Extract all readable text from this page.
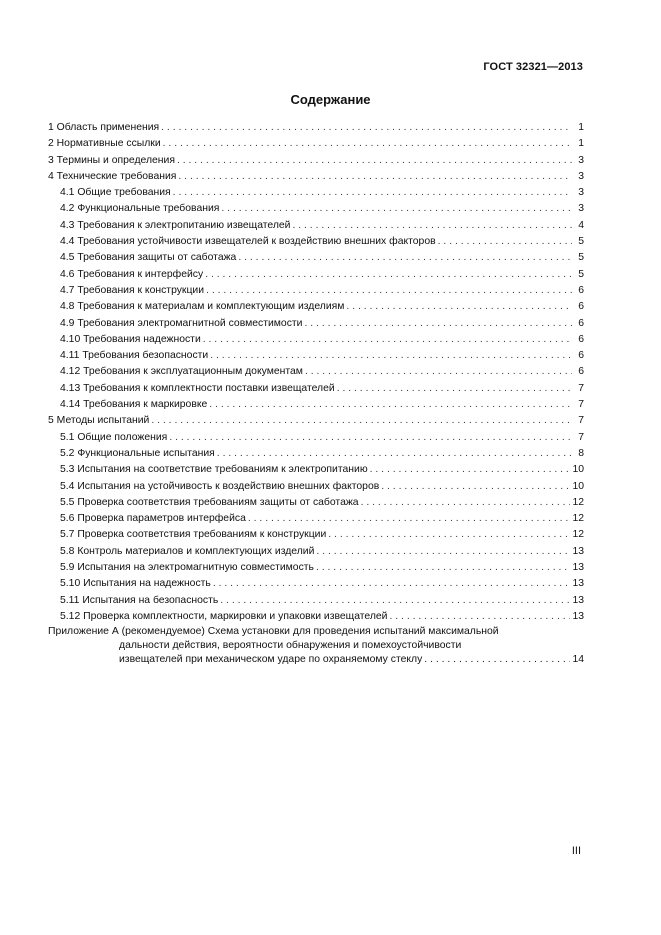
ГОСТ 32321—2013
Содержание
1 Область применения . . .	1
2 Нормативные ссылки . . .	1
3 Термины и определения . . .	3
4 Технические требования . . .	3
4.1 Общие требования . . .	3
4.2 Функциональные требования . . .	3
4.3 Требования к электропитанию извещателей . . .	4
4.4 Требования устойчивости извещателей к воздействию внешних факторов . . .	5
4.5 Требования защиты от саботажа . . .	5
4.6 Требования к интерфейсу . . .	5
4.7 Требования к конструкции . . .	6
4.8 Требования к материалам и комплектующим изделиям . . .	6
4.9 Требования электромагнитной совместимости . . .	6
4.10 Требования надежности . . .	6
4.11 Требования безопасности . . .	6
4.12 Требования к эксплуатационным документам . . .	6
4.13 Требования к комплектности поставки извещателей . . .	7
4.14 Требования к маркировке . . .	7
5 Методы испытаний . . .	7
5.1 Общие положения . . .	7
5.2 Функциональные испытания . . .	8
5.3 Испытания на соответствие требованиям к электропитанию . . .	10
5.4 Испытания на устойчивость к воздействию внешних факторов . . .	10
5.5 Проверка соответствия требованиям защиты от саботажа . . .	12
5.6 Проверка параметров интерфейса . . .	12
5.7 Проверка соответствия требованиям к конструкции . . .	12
5.8 Контроль материалов и комплектующих изделий . . .	13
5.9 Испытания на электромагнитную совместимость . . .	13
5.10 Испытания на надежность . . .	13
5.11 Испытания на безопасность . . .	13
5.12 Проверка комплектности, маркировки и упаковки извещателей . . .	13
Приложение А (рекомендуемое) Схема установки для проведения испытаний максимальной
дальности действия, вероятности обнаружения и помехоустойчивости
извещателей при механическом ударе по охраняемому стеклу . . .	14
III
